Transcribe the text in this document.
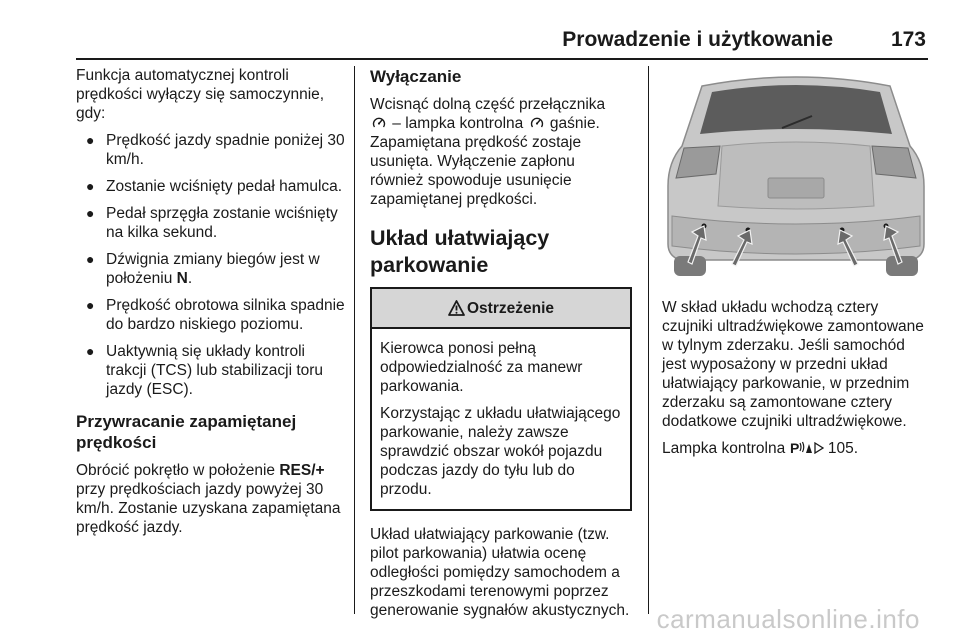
Prowadzenie i użytkowanie	173

Funkcja automatycznej kontroli prędkości wyłączy się samoczynnie, gdy:

● Prędkość jazdy spadnie poniżej 30 km/h.
● Zostanie wciśnięty pedał hamulca.
● Pedał sprzęgła zostanie wciśnięty na kilka sekund.
● Dźwignia zmiany biegów jest w położeniu N.
● Prędkość obrotowa silnika spadnie do bardzo niskiego poziomu.
● Uaktywnią się układy kontroli trakcji (TCS) lub stabilizacji toru jazdy (ESC).
Przywracanie zapamiętanej prędkości

Obrócić pokrętło w położenie RES/+ przy prędkościach jazdy powyżej 30 km/h. Zostanie uzyskana zapamiętana prędkość jazdy.

Wyłączanie

Wcisnąć dolną część przełącznika
– lampka kontrolna  gaśnie. Zapamiętana prędkość zostaje usunięta. Wyłączenie zapłonu również spowoduje usunięcie zapamiętanej prędkości.

Układ ułatwiający parkowanie
Ostrzeżenie

Kierowca ponosi pełną odpowiedzialność za manewr parkowania.

Korzystając z układu ułatwiającego parkowanie, należy zawsze sprawdzić obszar wokół pojazdu podczas jazdy do tyłu lub do przodu.

Układ ułatwiający parkowanie (tzw. pilot parkowania) ułatwia ocenę odległości pomiędzy samochodem a przeszkodami terenowymi poprzez generowanie sygnałów akustycznych.

W skład układu wchodzą cztery czujniki ultradźwiękowe zamontowane w tylnym zderzaku. Jeśli samochód jest wyposażony w przedni układ ułatwiający parkowanie, w przednim zderzaku są zamontowane cztery dodatkowe czujniki ultradźwiękowe.

Lampka kontrolna P 105.

carmanualsonline.info
